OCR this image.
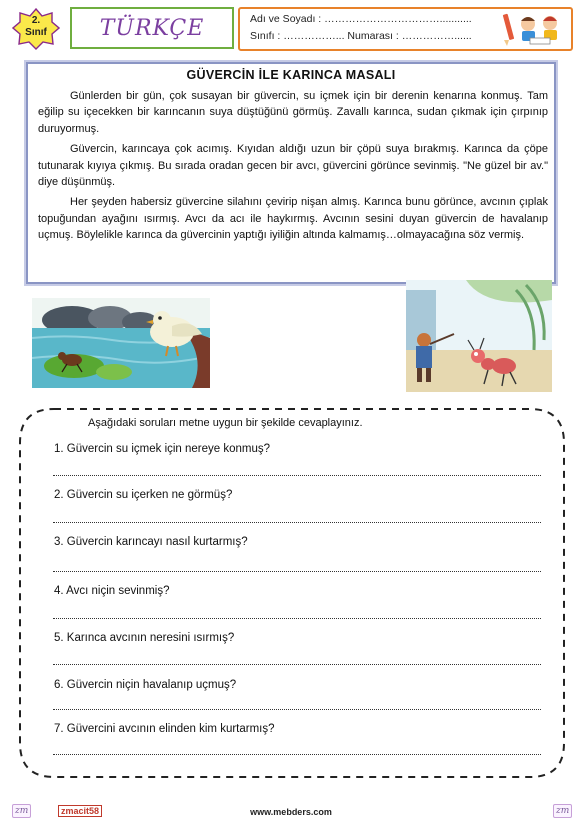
2.
Sınıf	TÜRKÇE	Adı ve Soyadı : ……………………………...........
Sınıfı : ……………... Numarası : ……………......
GÜVERCİN İLE KARINCA MASALI

Günlerden bir gün, çok susayan bir güvercin, su içmek için bir derenin kenarına konmuş. Tam eğilip su içecekken bir karıncanın suya düştüğünü görmüş. Zavallı karınca, sudan çıkmak için çırpınıp duruyormuş.

Güvercin, karıncaya çok acımış. Kıyıdan aldığı uzun bir çöpü suya bırakmış. Karınca da çöpe tutunarak kıyıya çıkmış. Bu sırada oradan gecen bir avcı, güvercini görünce sevinmiş. "Ne güzel bir av." diye düşünmüş.

Her şeyden habersiz güvercine silahını çevirip nişan almış. Karınca bunu görünce, avcının çıplak topuğundan ayağını ısırmış. Avcı da acı ile haykırmış. Avcının sesini duyan güvercin de havalanıp uçmuş. Böylelikle karınca da güvercinin yaptığı iyiliğin altında kalmamış…olmayacağına söz vermiş.

Aşağıdaki soruları metne uygun bir şekilde cevaplayınız.
1. Güvercin su içmek için nereye konmuş?
2. Güvercin su içerken ne görmüş?
3. Güvercin karıncayı nasıl kurtarmış?
4. Avcı niçin sevinmiş?
5. Karınca avcının neresini ısırmış?
6. Güvercin niçin havalanıp uçmuş?
7. Güvercini avcının elinden kim kurtarmış?
zm	zmacit58	www.mebders.com	zm
